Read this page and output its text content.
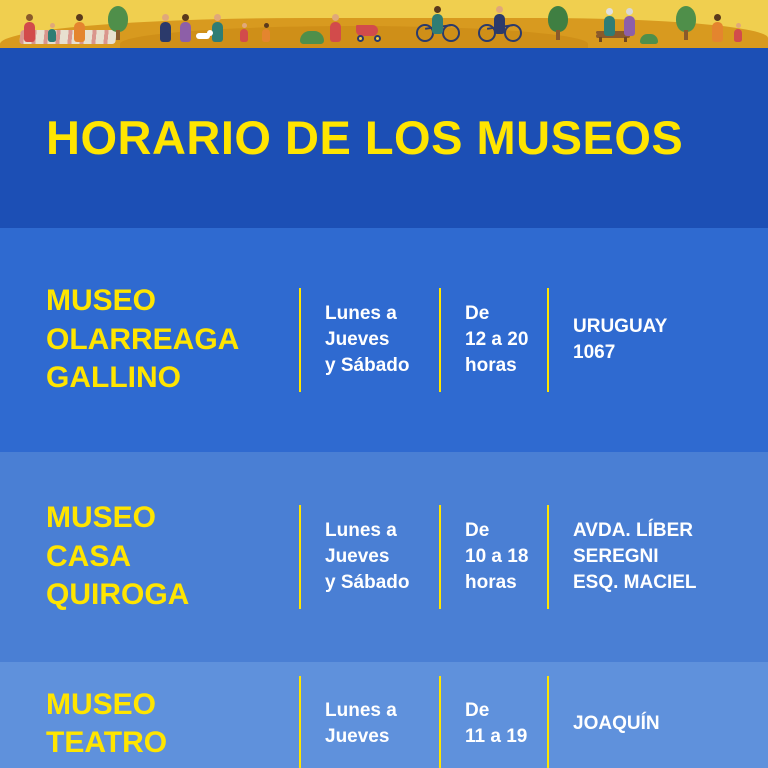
HORARIO DE LOS MUSEOS
MUSEO
OLARREAGA
GALLINO
Lunes a
Jueves
y Sábado
De
12 a 20
horas
URUGUAY
1067
MUSEO
CASA
QUIROGA
Lunes a
Jueves
y Sábado
De
10 a 18
horas
AVDA. LÍBER
SEREGNI
ESQ. MACIEL
MUSEO
TEATRO
Lunes a
Jueves
De
11 a 19
JOAQUÍN
